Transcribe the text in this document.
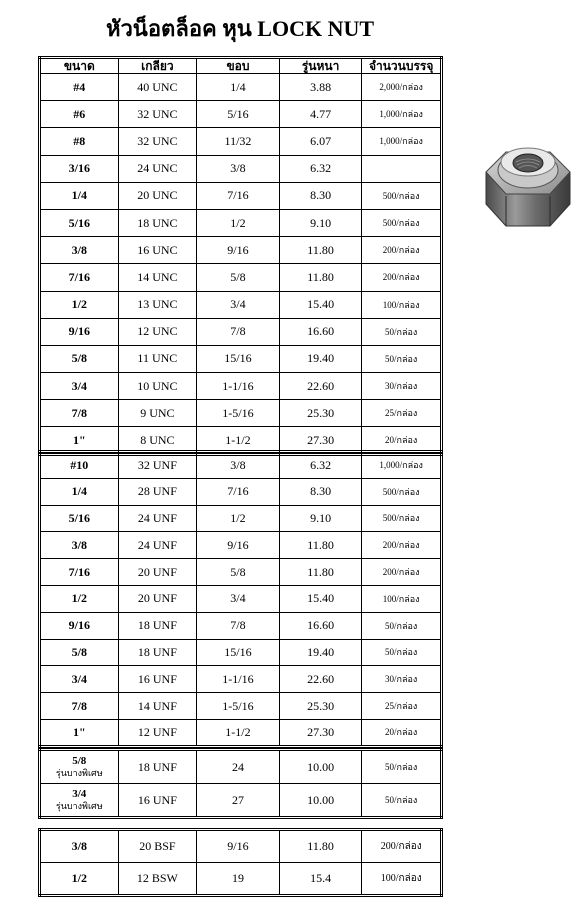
หัวน็อตล็อค หุน LOCK NUT
ขนาด	เกลียว	ขอบ	รู่นหนา	จำนวนบรรจุ
#4	40 UNC	1/4	3.88	2,000/กล่อง
#6	32 UNC	5/16	4.77	1,000/กล่อง
#8	32 UNC	11/32	6.07	1,000/กล่อง
3/16	24 UNC	3/8	6.32	
1/4	20 UNC	7/16	8.30	500/กล่อง
5/16	18 UNC	1/2	9.10	500/กล่อง
3/8	16 UNC	9/16	11.80	200/กล่อง
7/16	14 UNC	5/8	11.80	200/กล่อง
1/2	13 UNC	3/4	15.40	100/กล่อง
9/16	12 UNC	7/8	16.60	50/กล่อง
5/8	11 UNC	15/16	19.40	50/กล่อง
3/4	10 UNC	1-1/16	22.60	30/กล่อง
7/8	9 UNC	1-5/16	25.30	25/กล่อง
1"	8 UNC	1-1/2	27.30	20/กล่อง
#10	32 UNF	3/8	6.32	1,000/กล่อง
1/4	28 UNF	7/16	8.30	500/กล่อง
5/16	24 UNF	1/2	9.10	500/กล่อง
3/8	24 UNF	9/16	11.80	200/กล่อง
7/16	20 UNF	5/8	11.80	200/กล่อง
1/2	20 UNF	3/4	15.40	100/กล่อง
9/16	18 UNF	7/8	16.60	50/กล่อง
5/8	18 UNF	15/16	19.40	50/กล่อง
3/4	16 UNF	1-1/16	22.60	30/กล่อง
7/8	14 UNF	1-5/16	25.30	25/กล่อง
1"	12 UNF	1-1/2	27.30	20/กล่อง
5/8
รุ่นบางพิเศษ	18 UNF	24	10.00	50/กล่อง

3/4
รุ่นบางพิเศษ	16 UNF	27	10.00	50/กล่อง
3/8	20 BSF	9/16	11.80	200/กล่อง
1/2	12 BSW	19	15.4	100/กล่อง
